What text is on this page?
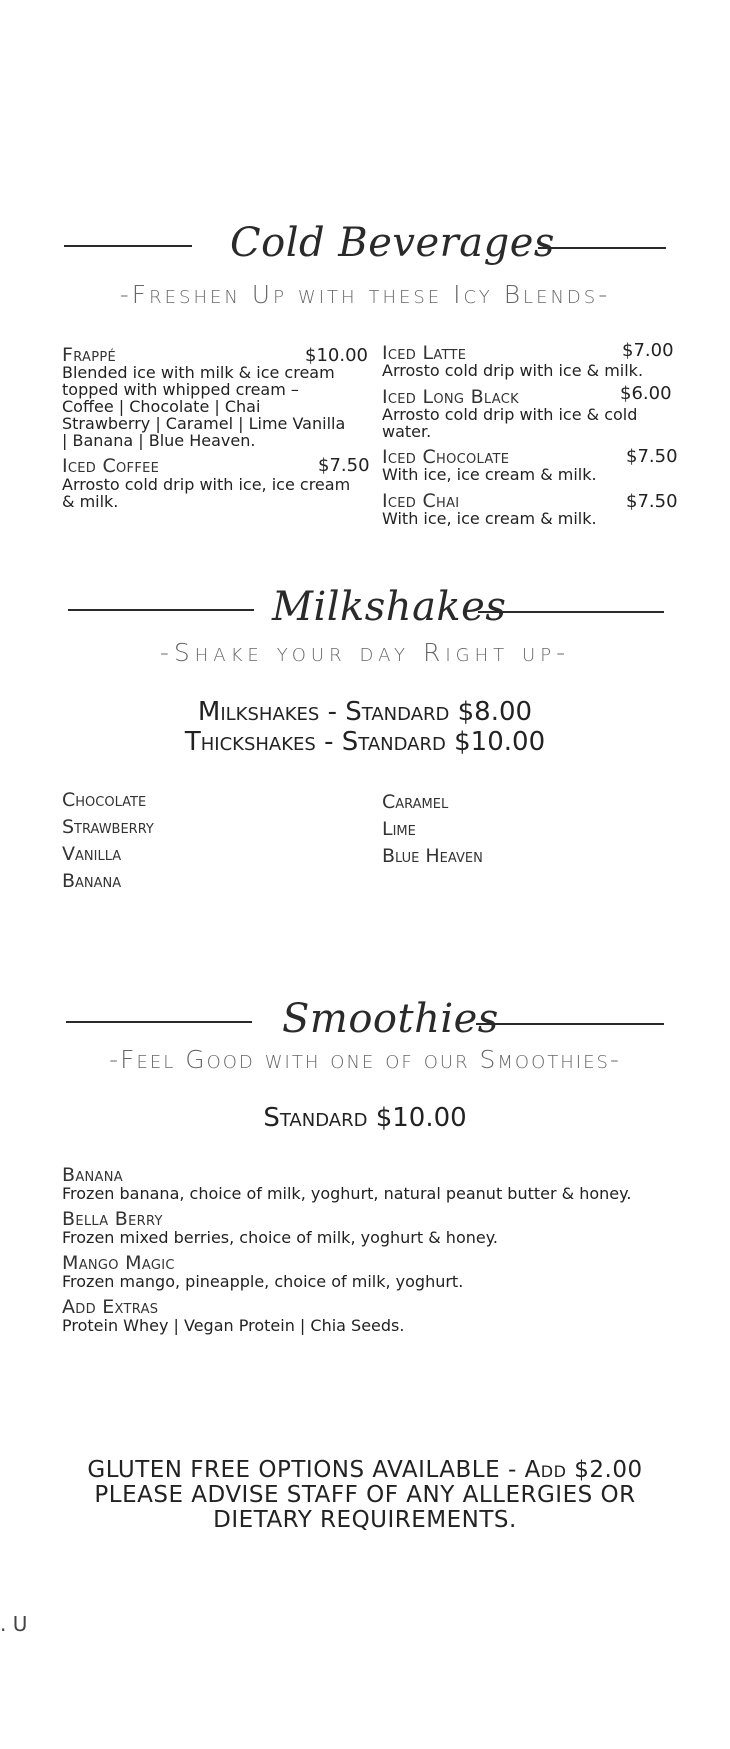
Cold Beverages
-Freshen Up with these Icy Blends-
Frappé	$10.00
Blended ice with milk & ice cream topped with whipped cream – Coffee | Chocolate | Chai Strawberry | Caramel | Lime Vanilla | Banana | Blue Heaven.
Iced Coffee	$7.50
Arrosto cold drip with ice, ice cream & milk.
Iced Latte	$7.00
Arrosto cold drip with ice & milk.
Iced Long Black	$6.00
Arrosto cold drip with ice & cold water.
Iced Chocolate	$7.50
With ice, ice cream & milk.
Iced Chai	$7.50
With ice, ice cream & milk.
Milkshakes
-Shake your day Right up-
Milkshakes - Standard $8.00
Thickshakes - Standard $10.00
Chocolate
Strawberry
Vanilla
Banana
Caramel
Lime
Blue Heaven
Smoothies
-Feel Good with one of our Smoothies-
Standard $10.00
Banana
Frozen banana, choice of milk, yoghurt, natural peanut butter & honey.
Bella Berry
Frozen mixed berries, choice of milk, yoghurt & honey.
Mango Magic
Frozen mango, pineapple, choice of milk, yoghurt.
Add Extras
Protein Whey | Vegan Protein | Chia Seeds.
GLUTEN FREE OPTIONS AVAILABLE - Add $2.00
PLEASE ADVISE STAFF OF ANY ALLERGIES OR
DIETARY REQUIREMENTS.
. U
